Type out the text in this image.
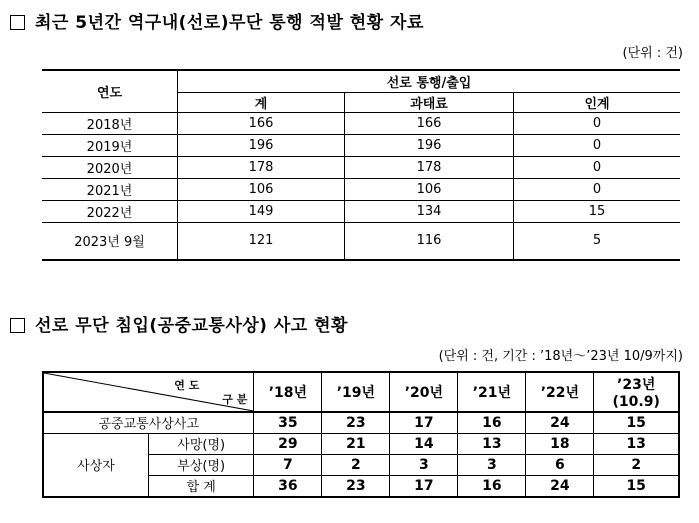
최근 5년간 역구내(선로)무단 통행 적발 현황 자료
(단위 : 건)
연도	선로 통행/출입		
	계	과태료	인계
2018년	166	166	0
2019년	196	196	0
2020년	178	178	0
2021년	106	106	0
2022년	149	134	15
2023년 9월	121	116	5
선로 무단 침입(공중교통사상) 사고 현황
(단위 : 건, 기간 : ’18년～’23년 10/9까지)
연 도
구 분		’18년	’19년	’20년	’21년	’22년	’23년(10.9)
공중교통사상사고		35	23	17	16	24	15
사상자	사망(명)	29	21	14	13	18	13
	부상(명)	7	2	3	3	6	2
	합 계	36	23	17	16	24	15
